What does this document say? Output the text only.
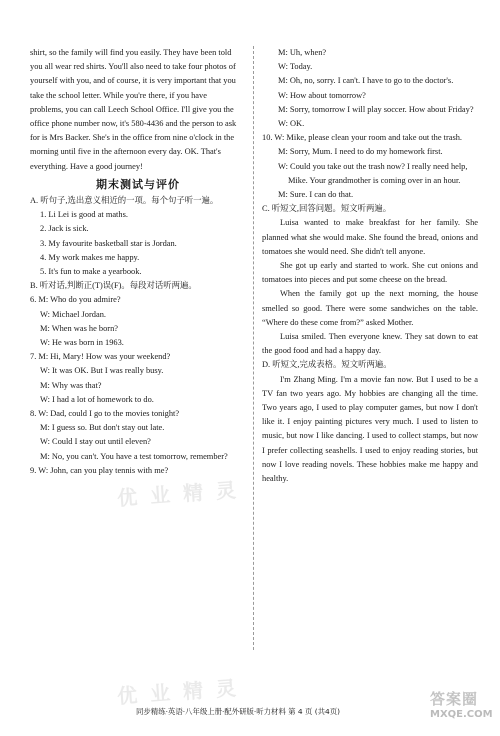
shirt, so the family will find you easily. They have been told
you all wear red shirts. You'll also need to take four photos of
yourself with you, and of course, it is very important that you
take the school letter. While you're there, if you have
problems, you can call Leech School Office. I'll give you the
office phone number now, it's 580-4436 and the person to ask
for is Mrs Backer. She's in the office from nine o'clock in the
morning until five in the afternoon every day. OK. That's
everything. Have a good journey!
期末测试与评价
A. 听句子,选出意义相近的一项。每个句子听一遍。
1. Li Lei is good at maths.
2. Jack is sick.
3. My favourite basketball star is Jordan.
4. My work makes me happy.
5. It's fun to make a yearbook.
B. 听对话,判断正(T)误(F)。每段对话听两遍。
6. M: Who do you admire?
W: Michael Jordan.
M: When was he born?
W: He was born in 1963.
7. M: Hi, Mary! How was your weekend?
W: It was OK. But I was really busy.
M: Why was that?
W: I had a lot of homework to do.
8. W: Dad, could I go to the movies tonight?
M: I guess so. But don't stay out late.
W: Could I stay out until eleven?
M: No, you can't. You have a test tomorrow, remember?
9. W: John, can you play tennis with me?
M: Uh, when?
W: Today.
M: Oh, no, sorry. I can't. I have to go to the doctor's.
W: How about tomorrow?
M: Sorry, tomorrow I will play soccer. How about Friday?
W: OK.
10. W: Mike, please clean your room and take out the trash.
M: Sorry, Mum. I need to do my homework first.
W: Could you take out the trash now? I really need help,
Mike. Your grandmother is coming over in an hour.
M: Sure. I can do that.
C. 听短文,回答问题。短文听两遍。

Luisa wanted to make breakfast for her family. She planned what she would make. She found the bread, onions and tomatoes she would need. She didn't tell anyone.

She got up early and started to work. She cut onions and tomatoes into pieces and put some cheese on the bread.

When the family got up the next morning, the house smelled so good. There were some sandwiches on the table. “Where do these come from?” asked Mother.

Luisa smiled. Then everyone knew. They sat down to eat the good food and had a happy day.

D. 听短文,完成表格。短文听两遍。

I'm Zhang Ming. I'm a movie fan now. But I used to be a TV fan two years ago. My hobbies are changing all the time. Two years ago, I used to play computer games, but now I don't like it. I enjoy painting pictures very much. I used to listen to music, but now I like dancing. I used to collect stamps, but now I prefer collecting seashells. I used to enjoy reading stories, but now I love reading novels. These hobbies make me happy and healthy.

优 业 精 灵
优 业 精 灵
同步精练·英语·八年级上册·配外研版·听力材料 第 4 页 (共4页)
答案圈
MXQE.COM
